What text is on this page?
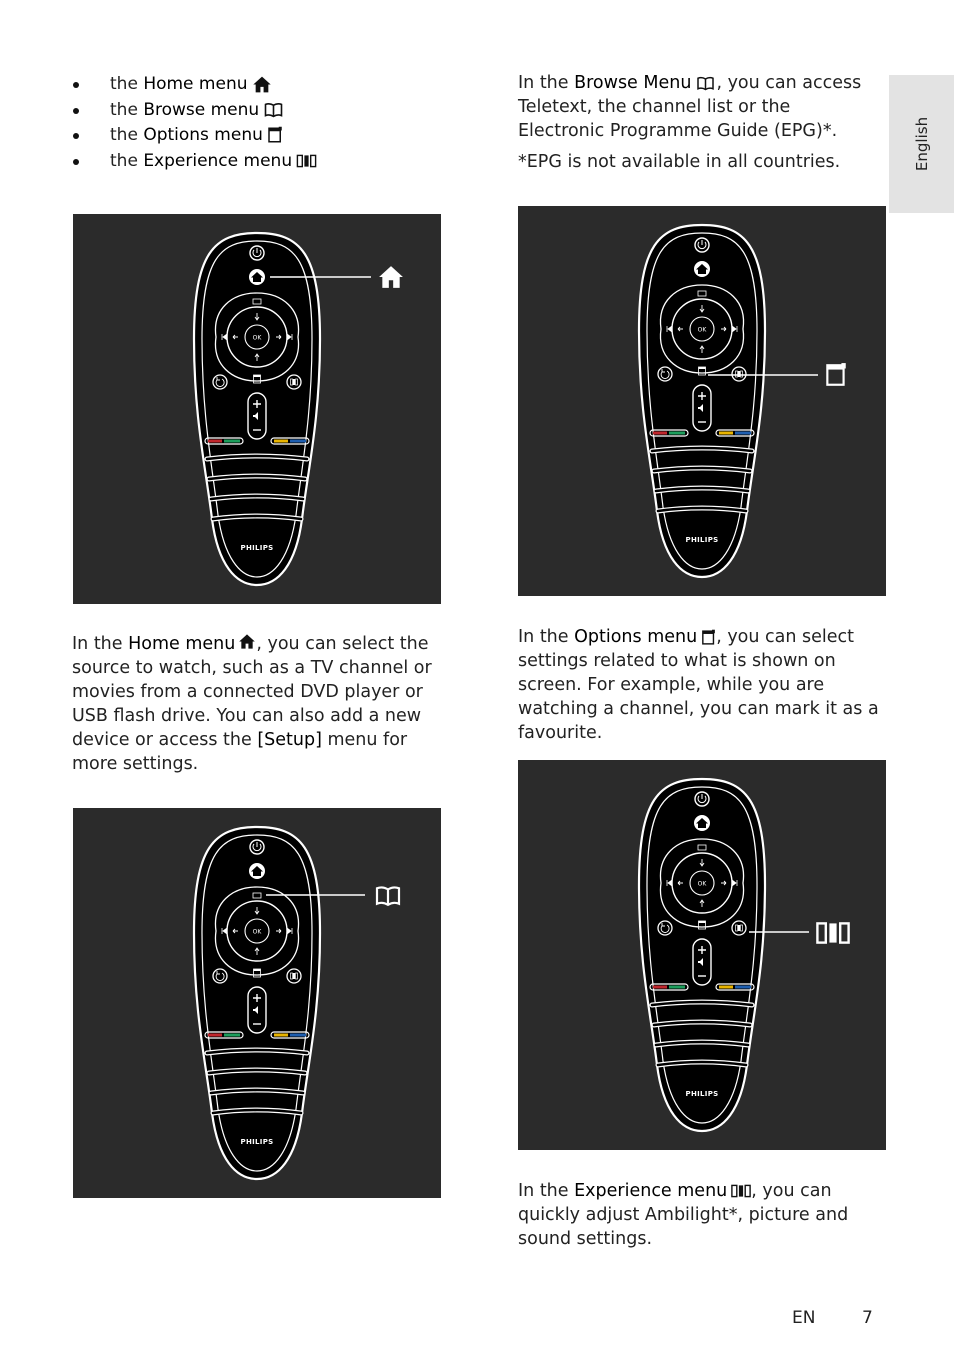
English
the Home menu
the Browse menu
the Options menu
the Experience menu
PHILIPS
PHILIPS
PHILIPS
PHILIPS

In the Home menu , you can select the source to watch, such as a TV channel or movies from a connected DVD player or USB flash drive. You can also add a new device or access the [Setup] menu for more settings.

In the Browse Menu , you can access Teletext, the channel list or the Electronic Programme Guide (EPG)*.

*EPG is not available in all countries.

In the Options menu , you can select settings related to what is shown on screen. For example, while you are watching a channel, you can mark it as a favourite.

In the Experience menu , you can quickly adjust Ambilight*, picture and sound settings.

EN	7
